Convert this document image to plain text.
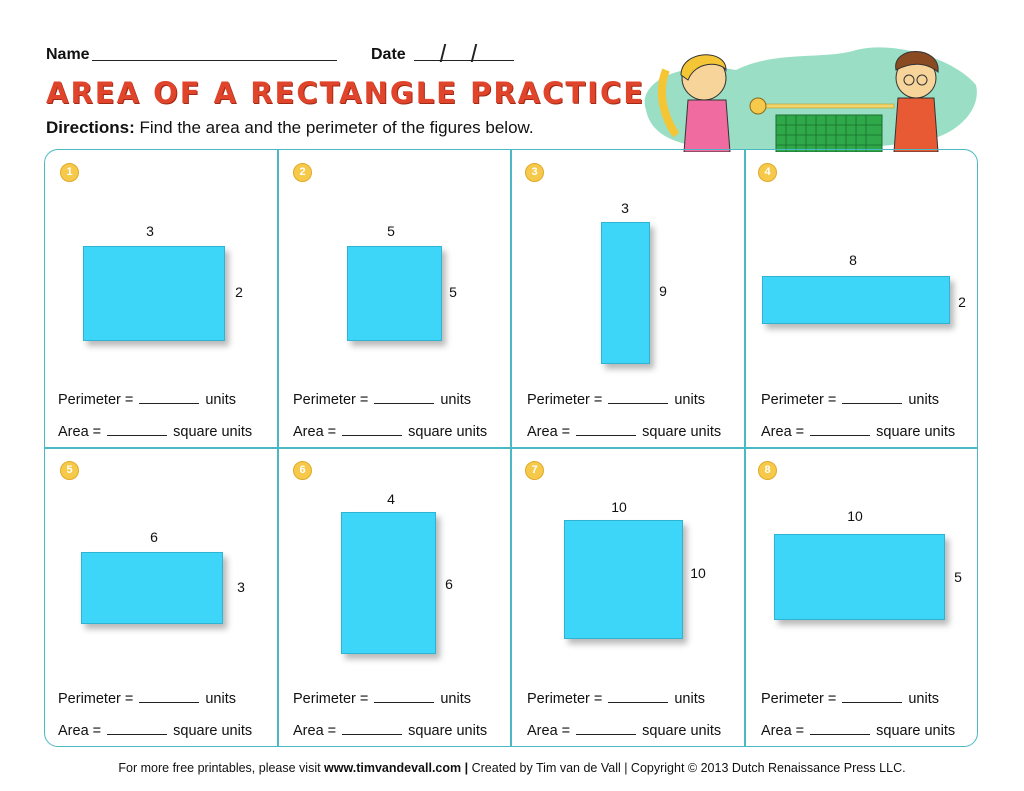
Name	Date
AREA OF A RECTANGLE PRACTICE
Directions: Find the area and the perimeter of the figures below.
1
3
2
Perimeter =	units
Area =	square units
2
5
5
Perimeter =	units
Area =	square units
3
3
9
Perimeter =	units
Area =	square units
4
8
2
Perimeter =	units
Area =	square units
5
6
3
Perimeter =	units
Area =	square units
6
4
6
Perimeter =	units
Area =	square units
7
10
10
Perimeter =	units
Area =	square units
8
10
5
Perimeter =	units
Area =	square units
For more free printables, please visit www.timvandevall.com | Created by Tim van de Vall | Copyright © 2013 Dutch Renaissance Press LLC.
